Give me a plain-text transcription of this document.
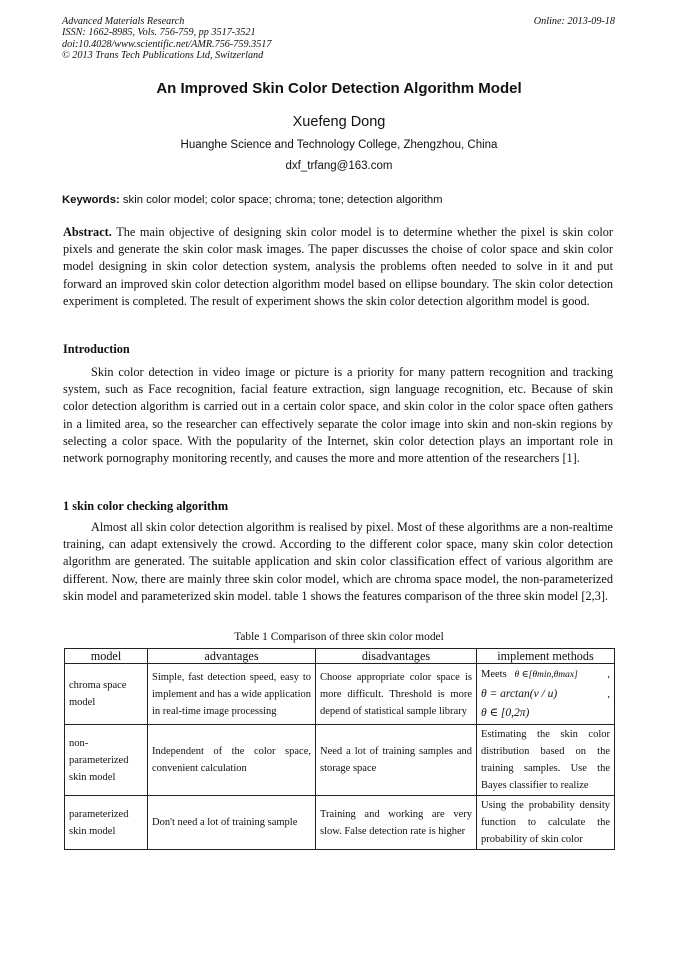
Advanced Materials Research
ISSN: 1662-8985, Vols. 756-759, pp 3517-3521
doi:10.4028/www.scientific.net/AMR.756-759.3517
© 2013 Trans Tech Publications Ltd, Switzerland
Online: 2013-09-18
An Improved Skin Color Detection Algorithm Model
Xuefeng Dong
Huanghe Science and Technology College, Zhengzhou, China
dxf_trfang@163.com
Keywords: skin color model; color space; chroma; tone; detection algorithm
Abstract. The main objective of designing skin color model is to determine whether the pixel is skin color pixels and generate the skin color mask images. The paper discusses the choise of color space and skin color model designing in skin color detection system, analysis the problems often needed to solve in it and put forward an improved skin color detection algorithm model based on ellipse boundary. The skin color detection experiment is completed. The result of experiment shows the skin color detection algorithm model is good.
Introduction
Skin color detection in video image or picture is a priority for many pattern recognition and tracking system, such as Face recognition, facial feature extraction, sign language recognition, etc. Because of skin color detection algorithm is carried out in a certain color space, and skin color in the color space often gathers in a limited area, so the researcher can effectively separate the color image into skin and non-skin regions by selecting a color space. With the popularity of the Internet, skin color detection plays an important role in network pornography monitoring recently, and causes the more and more attention of the researchers [1].
1 skin color checking algorithm
Almost all skin color detection algorithm is realised by pixel. Most of these algorithms are a non-realtime training, can adapt extensively the crowd. According to the different color space, many skin color detection algorithm are generated. The suitable application and skin color classification effect of various algorithm are different. Now, there are mainly three skin color model, which are chroma space model, the non-parameterized skin model and parameterized skin model. table 1 shows the features comparison of the three skin model [2,3].
Table 1 Comparison of three skin color model
model	advantages	disadvantages	implement methods
chroma space model	Simple, fast detection speed, easy to implement and has a wide application in real-time image processing	Choose appropriate color space is more difficult. Threshold is more depend of statistical sample library	Meets θ ∈[θmin,θmax] ,
θ = arctan(v / u) ,
θ ∈ [0,2π)

non-parameterized skin model	Independent of the color space, convenient calculation	Need a lot of training samples and storage space	Estimating the skin color distribution based on the training samples. Use the Bayes classifier to realize
parameterized skin model	Don't need a lot of training sample	Training and working are very slow. False detection rate is higher	Using the probability density function to calculate the probability of skin color
